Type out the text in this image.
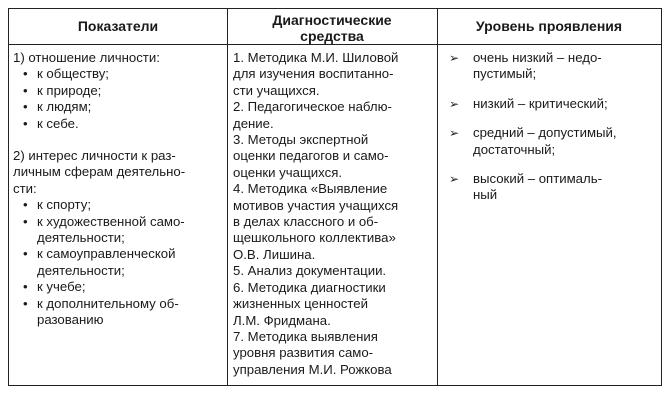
Показатели	Диагностические
средства
Уровень проявления
1) отношение личности:
• к обществу;
• к природе;
• к людям;
• к себе.
2) интерес личности к раз-
личным сферам деятельно-
сти:
• к спорту;
• к художественной само-
деятельности;
• к самоуправленческой
деятельности;
• к учебе;
• к дополнительному об-
разованию
1. Методика М.И. Шиловой
для изучения воспитанно-
сти учащихся.
2. Педагогическое наблю-
дение.
3. Методы экспертной
оценки педагогов и само-
оценки учащихся.
4. Методика «Выявление
мотивов участия учащихся
в делах классного и об-
щешкольного коллектива»
О.В. Лишина.
5. Анализ документации.
6. Методика диагностики
жизненных ценностей
Л.М. Фридмана.
7. Методика выявления
уровня развития само-
управления М.И. Рожкова
➢ очень низкий – недо-
пустимый;
➢ низкий – критический;
➢ средний – допустимый,
достаточный;
➢ высокий – оптималь-
ный
